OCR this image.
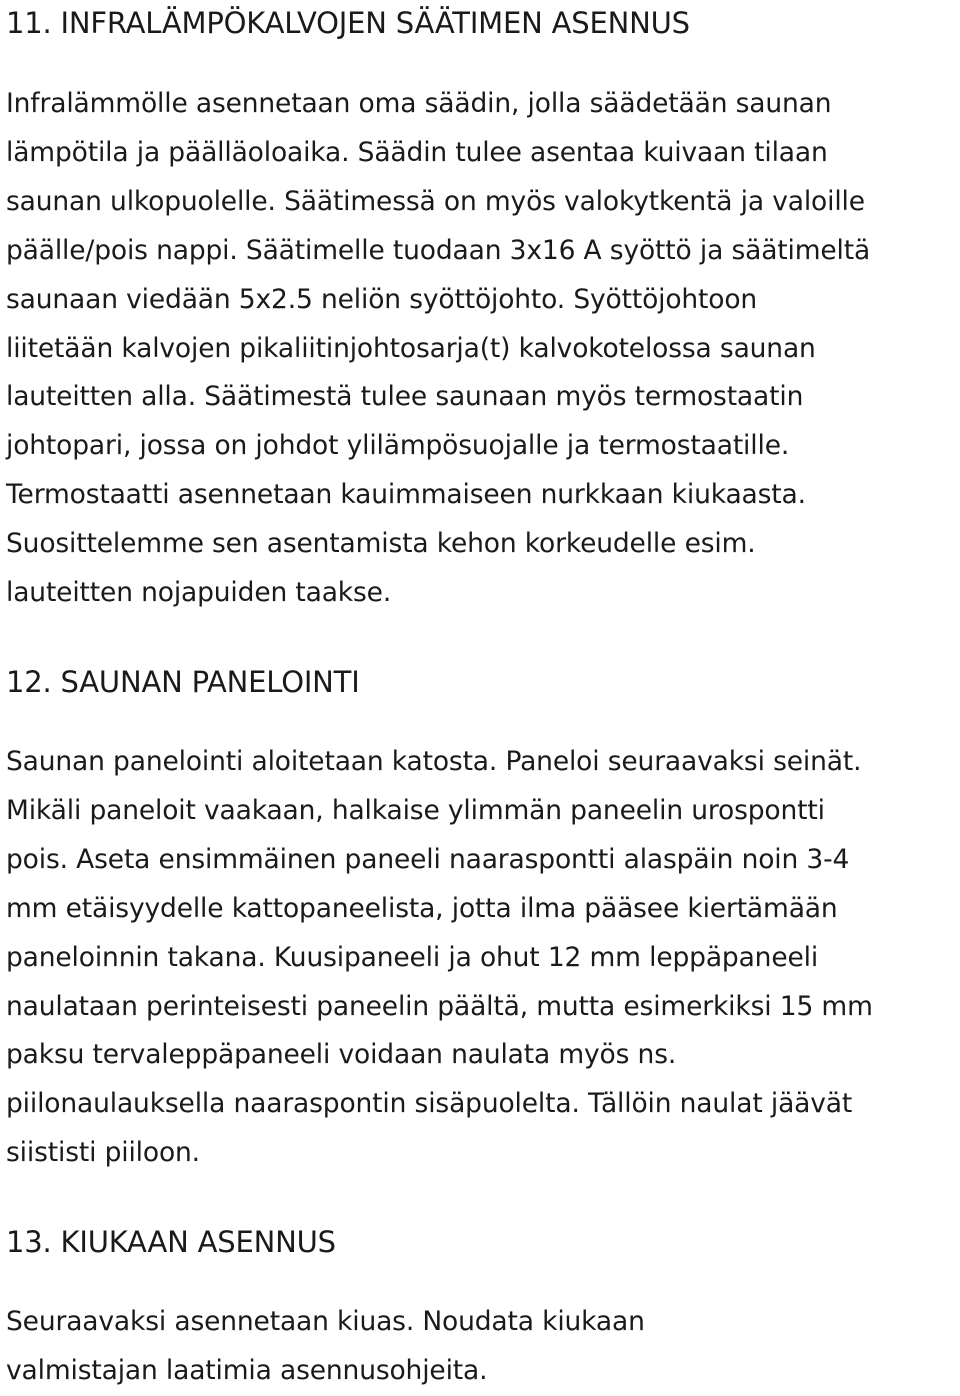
11. INFRALÄMPÖKALVOJEN SÄÄTIMEN ASENNUS

Infralämmölle asennetaan oma säädin, jolla säädetään saunan

lämpötila ja päälläoloaika. Säädin tulee asentaa kuivaan tilaan

saunan ulkopuolelle. Säätimessä on myös valokytkentä ja valoille

päälle/pois nappi. Säätimelle tuodaan 3x16 A syöttö ja säätimeltä

saunaan viedään 5x2.5 neliön syöttöjohto. Syöttöjohtoon

liitetään kalvojen pikaliitinjohtosarja(t) kalvokotelossa saunan

lauteitten alla. Säätimestä tulee saunaan myös termostaatin

johtopari, jossa on johdot ylilämpösuojalle ja termostaatille.

Termostaatti asennetaan kauimmaiseen nurkkaan kiukaasta.

Suosittelemme sen asentamista kehon korkeudelle esim.

lauteitten nojapuiden taakse.

12. SAUNAN PANELOINTI

Saunan panelointi aloitetaan katosta. Paneloi seuraavaksi seinät.

Mikäli paneloit vaakaan, halkaise ylimmän paneelin urospontti

pois. Aseta ensimmäinen paneeli naaraspontti alaspäin noin 3-4

mm etäisyydelle kattopaneelista, jotta ilma pääsee kiertämään

paneloinnin takana. Kuusipaneeli ja ohut 12 mm leppäpaneeli

naulataan perinteisesti paneelin päältä, mutta esimerkiksi 15 mm

paksu tervaleppäpaneeli voidaan naulata myös ns.

piilonaulauksella naaraspontin sisäpuolelta. Tällöin naulat jäävät

siististi piiloon.

13. KIUKAAN ASENNUS

Seuraavaksi asennetaan kiuas. Noudata kiukaan

valmistajan laatimia asennusohjeita.
